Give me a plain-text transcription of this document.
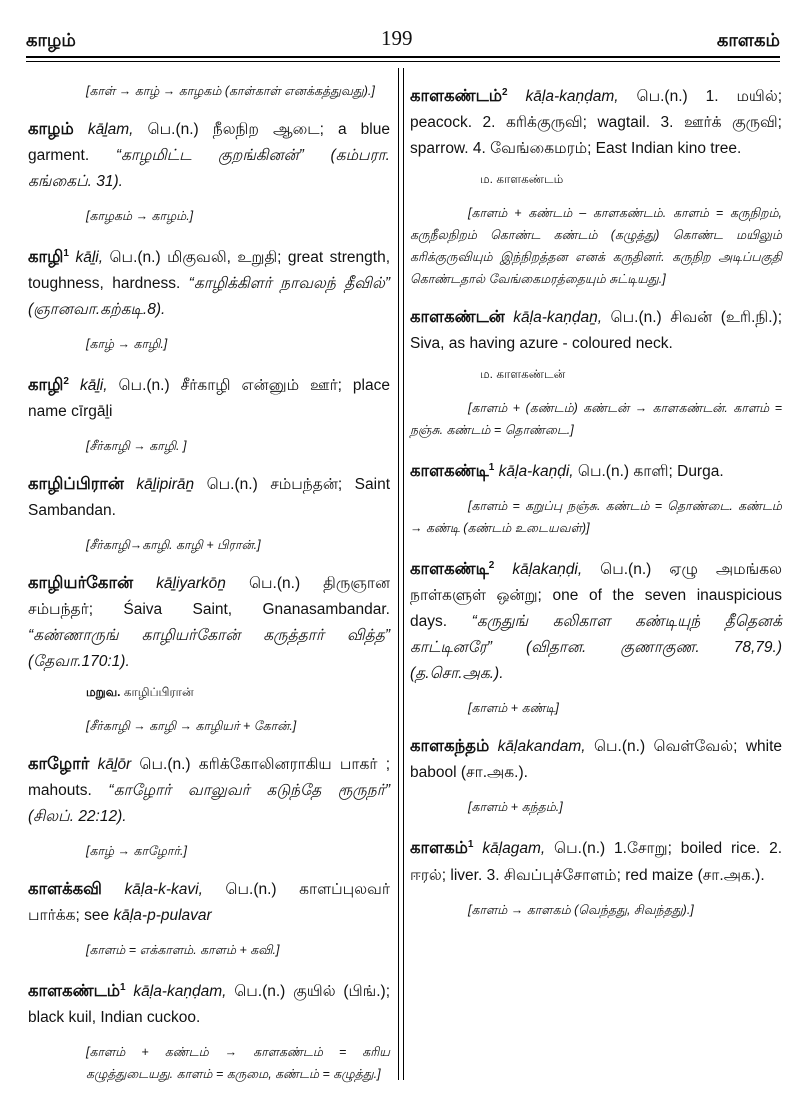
காழம்	199	காளகம்
[காள் → காழ் → காழகம் (காள்காள் எனக்கத்துவது).]
காழம் kāḻam, பெ.(n.) நீலநிற ஆடை; a blue garment. “காழமிட்ட குறங்கினன்” (கம்பரா. கங்கைப். 31).
[காழகம் → காழம்.]
காழி$^1$ kāḻi, பெ.(n.) மிகுவலி, உறுதி; great strength, toughness, hardness. “காழிக்கிளர் நாவலந் தீவில்” (ஞானவா.கற்கடி.8).
[காழ் → காழி.]
காழி$^2$ kāḻi, பெ.(n.) சீர்காழி என்னும் ஊர்; place name cīrgāḻi
[சீர்காழி → காழி. ]
காழிப்பிரான் kāḻipirāṉ பெ.(n.) சம்பந்தன்; Saint Sambandan.
[சீர்காழி→காழி. காழி + பிரான்.]
காழியர்கோன் kāḻiyarkōṉ பெ.(n.) திருஞான சம்பந்தர்; Śaiva Saint, Gnanasambandar. “கண்ணாருங் காழியர்கோன் கருத்தார் வித்த” (தேவா.170:1).
மறுவ. காழிப்பிரான்
[சீர்காழி → காழி → காழியர் + கோன்.]
காழோர் kāḻōr பெ.(n.) கரிக்கோலினராகிய பாகர் ; mahouts. “காழோர் வாலுவர் கடுந்தே ரூருநர்” (சிலப். 22:12).
[காழ் → காழோர்.]
காளக்கவி kāḷa-k-kavi, பெ.(n.) காளப்புலவர் பார்க்க; see kāḷa-p-pulavar
[காளம் = எக்காளம். காளம் + கவி.]
காளகண்டம்$^1$ kāḷa-kaṇḍam, பெ.(n.) குயில் (பிங்.); black kuil, Indian cuckoo.
[காளம் + கண்டம் → காளகண்டம் = கரிய கழுத்துடையது. காளம் = கருமை, கண்டம் = கழுத்து.]
காளகண்டம்$^2$ kāḷa-kaṇḍam, பெ.(n.) 1. மயில்; peacock. 2. கரிக்குருவி; wagtail. 3. ஊர்க் குருவி; sparrow. 4. வேங்கைமரம்; East Indian kino tree.
ம. காளகண்டம்
[காளம் + கண்டம் – காளகண்டம். காளம் = கருநிறம், கருநீலநிறம் கொண்ட கண்டம் (கழுத்து) கொண்ட மயிலும் கரிக்குருவியும் இந்நிறத்தன எனக் கருதினர். கருநிற அடிப்பகுதி கொண்டதால் வேங்கைமரத்தையும் சுட்டியது.]
காளகண்டன் kāḷa-kaṇḍaṉ, பெ.(n.) சிவன் (உரி.நி.); Siva, as having azure - coloured neck.
ம. காளகண்டன்
[காளம் + (கண்டம்) கண்டன் → காளகண்டன். காளம் = நஞ்சு. கண்டம் = தொண்டை.]
காளகண்டி$^1$ kāḷa-kaṇḍi, பெ.(n.) காளி; Durga.
[காளம் = கறுப்பு நஞ்சு. கண்டம் = தொண்டை. கண்டம் → கண்டி (கண்டம் உடையவள்)]
காளகண்டி$^2$ kāḷakaṇḍi, பெ.(n.) ஏழு அமங்கல நாள்களுள் ஒன்று; one of the seven inauspicious days. “கருதுங் கலிகாள கண்டியுந் தீதெனக் காட்டினரே” (விதான. குணாகுண. 78,79.) (த.சொ.அக.).
[காளம் + கண்டி]
காளகந்தம் kāḷakandam, பெ.(n.) வெள்வேல்; white babool (சா.அக.).
[காளம் + கந்தம்.]
காளகம்$^1$ kāḷagam, பெ.(n.) 1.சோறு; boiled rice. 2. ஈரல்; liver. 3. சிவப்புச்சோளம்; red maize (சா.அக.).
[காளம் → காளகம் (வெந்தது, சிவந்தது).]
